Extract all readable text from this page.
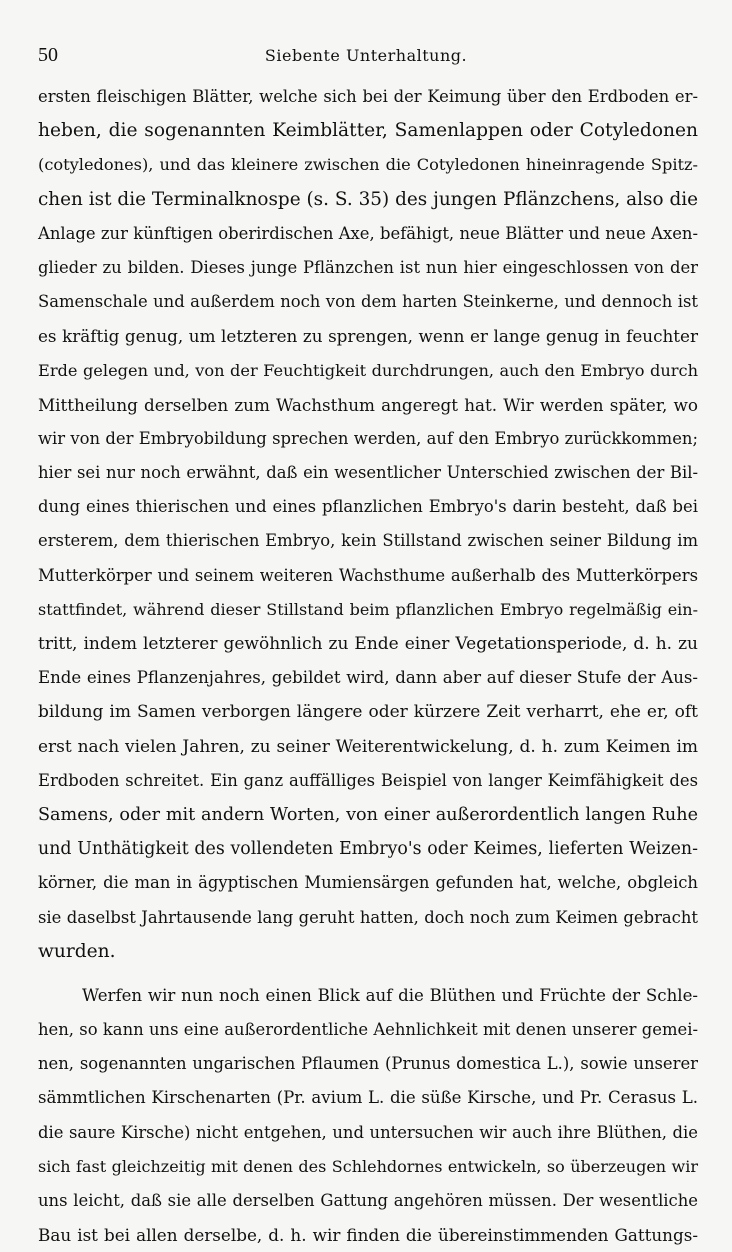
50	Siebente Unterhaltung.
ersten fleischigen Blätter, welche sich bei der Keimung über den Erdboden er-
heben, die sogenannten Keimblätter, Samenlappen oder Cotyledonen
(cotyledones), und das kleinere zwischen die Cotyledonen hineinragende Spitz-
chen ist die Terminalknospe (s. S. 35) des jungen Pflänzchens, also die
Anlage zur künftigen oberirdischen Axe, befähigt, neue Blätter und neue Axen-
glieder zu bilden. Dieses junge Pflänzchen ist nun hier eingeschlossen von der
Samenschale und außerdem noch von dem harten Steinkerne, und dennoch ist
es kräftig genug, um letzteren zu sprengen, wenn er lange genug in feuchter
Erde gelegen und, von der Feuchtigkeit durchdrungen, auch den Embryo durch
Mittheilung derselben zum Wachsthum angeregt hat. Wir werden später, wo
wir von der Embryobildung sprechen werden, auf den Embryo zurückkommen;
hier sei nur noch erwähnt, daß ein wesentlicher Unterschied zwischen der Bil-
dung eines thierischen und eines pflanzlichen Embryo's darin besteht, daß bei
ersterem, dem thierischen Embryo, kein Stillstand zwischen seiner Bildung im
Mutterkörper und seinem weiteren Wachsthume außerhalb des Mutterkörpers
stattfindet, während dieser Stillstand beim pflanzlichen Embryo regelmäßig ein-
tritt, indem letzterer gewöhnlich zu Ende einer Vegetationsperiode, d. h. zu
Ende eines Pflanzenjahres, gebildet wird, dann aber auf dieser Stufe der Aus-
bildung im Samen verborgen längere oder kürzere Zeit verharrt, ehe er, oft
erst nach vielen Jahren, zu seiner Weiterentwickelung, d. h. zum Keimen im
Erdboden schreitet. Ein ganz auffälliges Beispiel von langer Keimfähigkeit des
Samens, oder mit andern Worten, von einer außerordentlich langen Ruhe
und Unthätigkeit des vollendeten Embryo's oder Keimes, lieferten Weizen-
körner, die man in ägyptischen Mumiensärgen gefunden hat, welche, obgleich
sie daselbst Jahrtausende lang geruht hatten, doch noch zum Keimen gebracht
wurden.
Werfen wir nun noch einen Blick auf die Blüthen und Früchte der Schle-
hen, so kann uns eine außerordentliche Aehnlichkeit mit denen unserer gemei-
nen, sogenannten ungarischen Pflaumen (Prunus domestica L.), sowie unserer
sämmtlichen Kirschenarten (Pr. avium L. die süße Kirsche, und Pr. Cerasus L.
die saure Kirsche) nicht entgehen, und untersuchen wir auch ihre Blüthen, die
sich fast gleichzeitig mit denen des Schlehdornes entwickeln, so überzeugen wir
uns leicht, daß sie alle derselben Gattung angehören müssen. Der wesentliche
Bau ist bei allen derselbe, d. h. wir finden die übereinstimmenden Gattungs-
